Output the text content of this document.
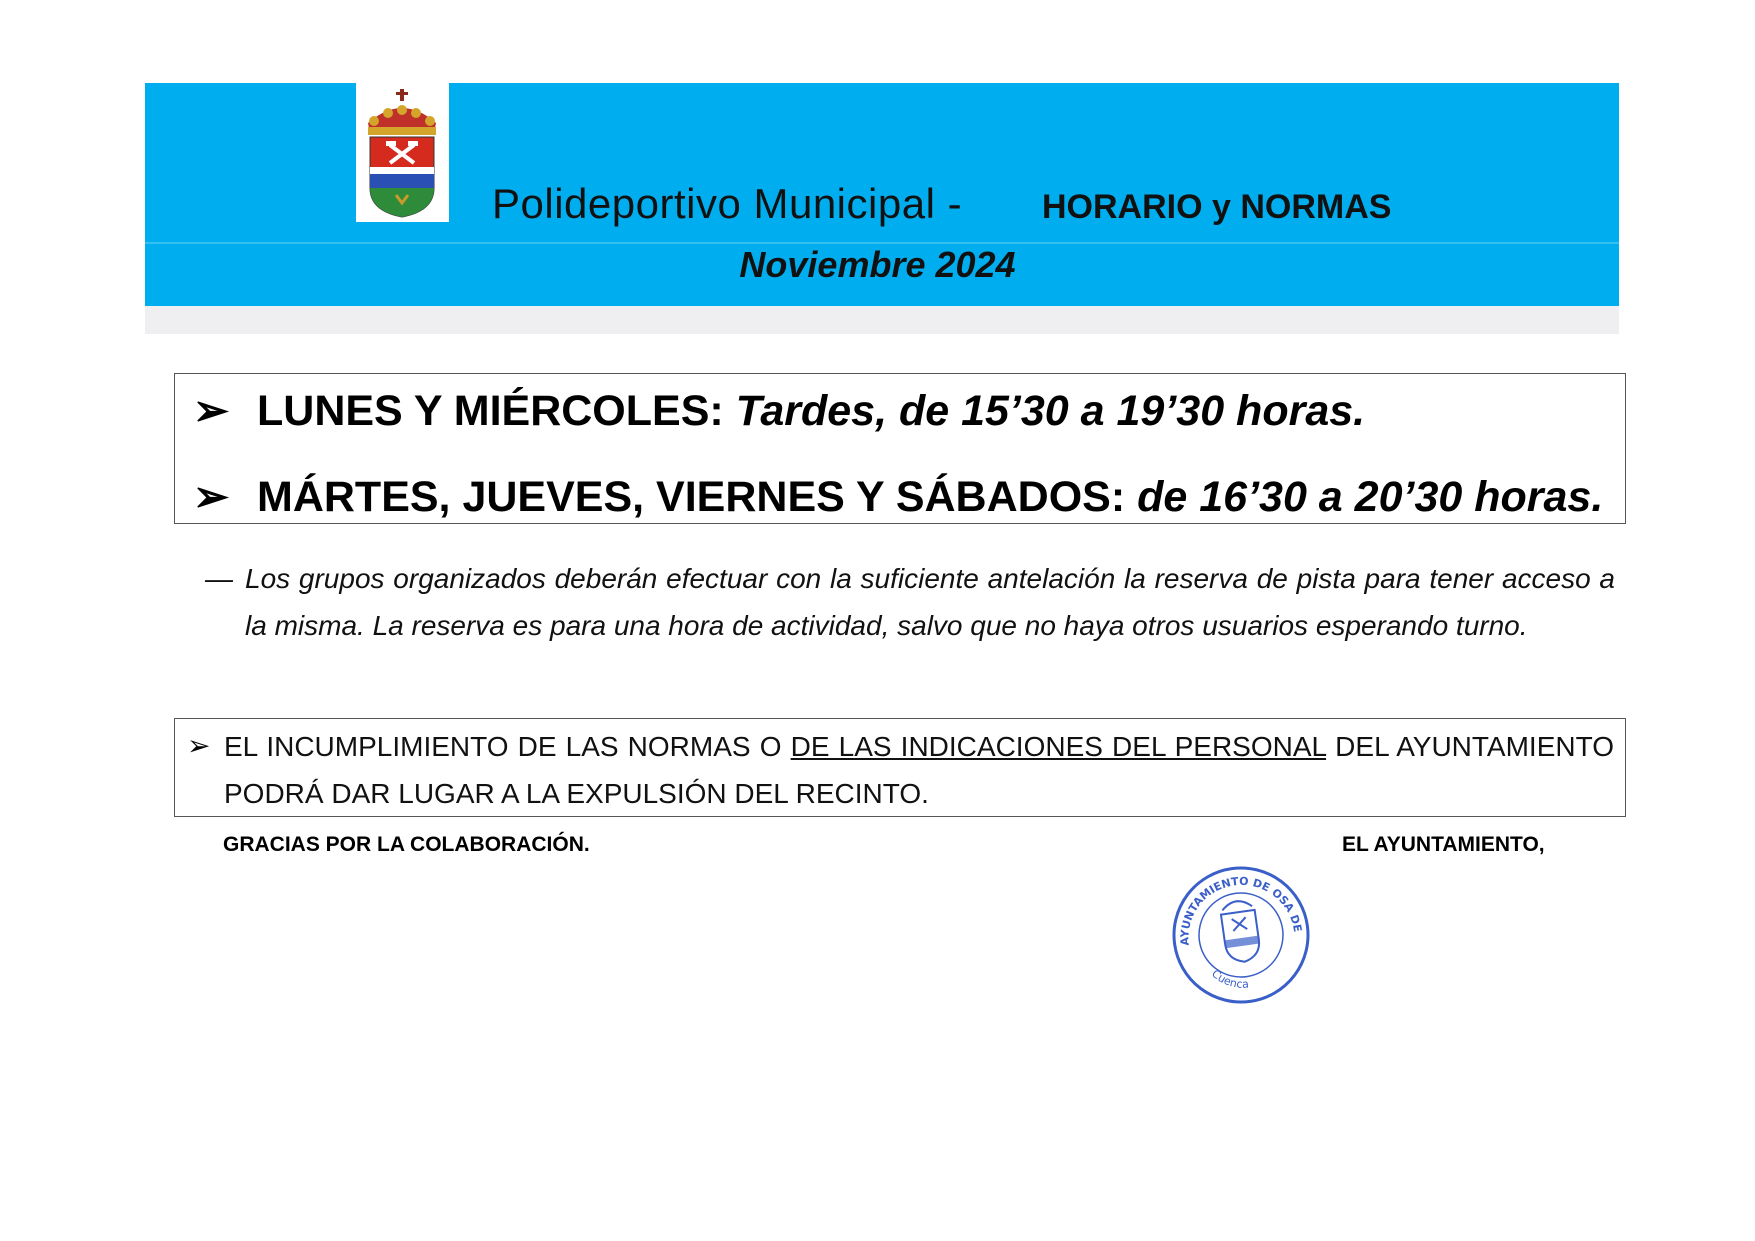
Polideportivo Municipal - HORARIO y NORMAS
Noviembre 2024
➢ LUNES Y MIÉRCOLES: Tardes, de 15’30 a 19’30 horas.
➢ MÁRTES, JUEVES, VIERNES Y SÁBADOS: de 16’30 a 20’30 horas.
— Los grupos organizados deberán efectuar con la suficiente antelación la reserva de pista para tener acceso a la misma. La reserva es para una hora de actividad, salvo que no haya otros usuarios esperando turno.
➢ EL INCUMPLIMIENTO DE LAS NORMAS O DE LAS INDICACIONES DEL PERSONAL DEL AYUNTAMIENTO PODRÁ DAR LUGAR A LA EXPULSIÓN DEL RECINTO.
GRACIAS POR LA COLABORACIÓN.	EL AYUNTAMIENTO,
AYUNTAMIENTO DE OSA DE
Cuenca
